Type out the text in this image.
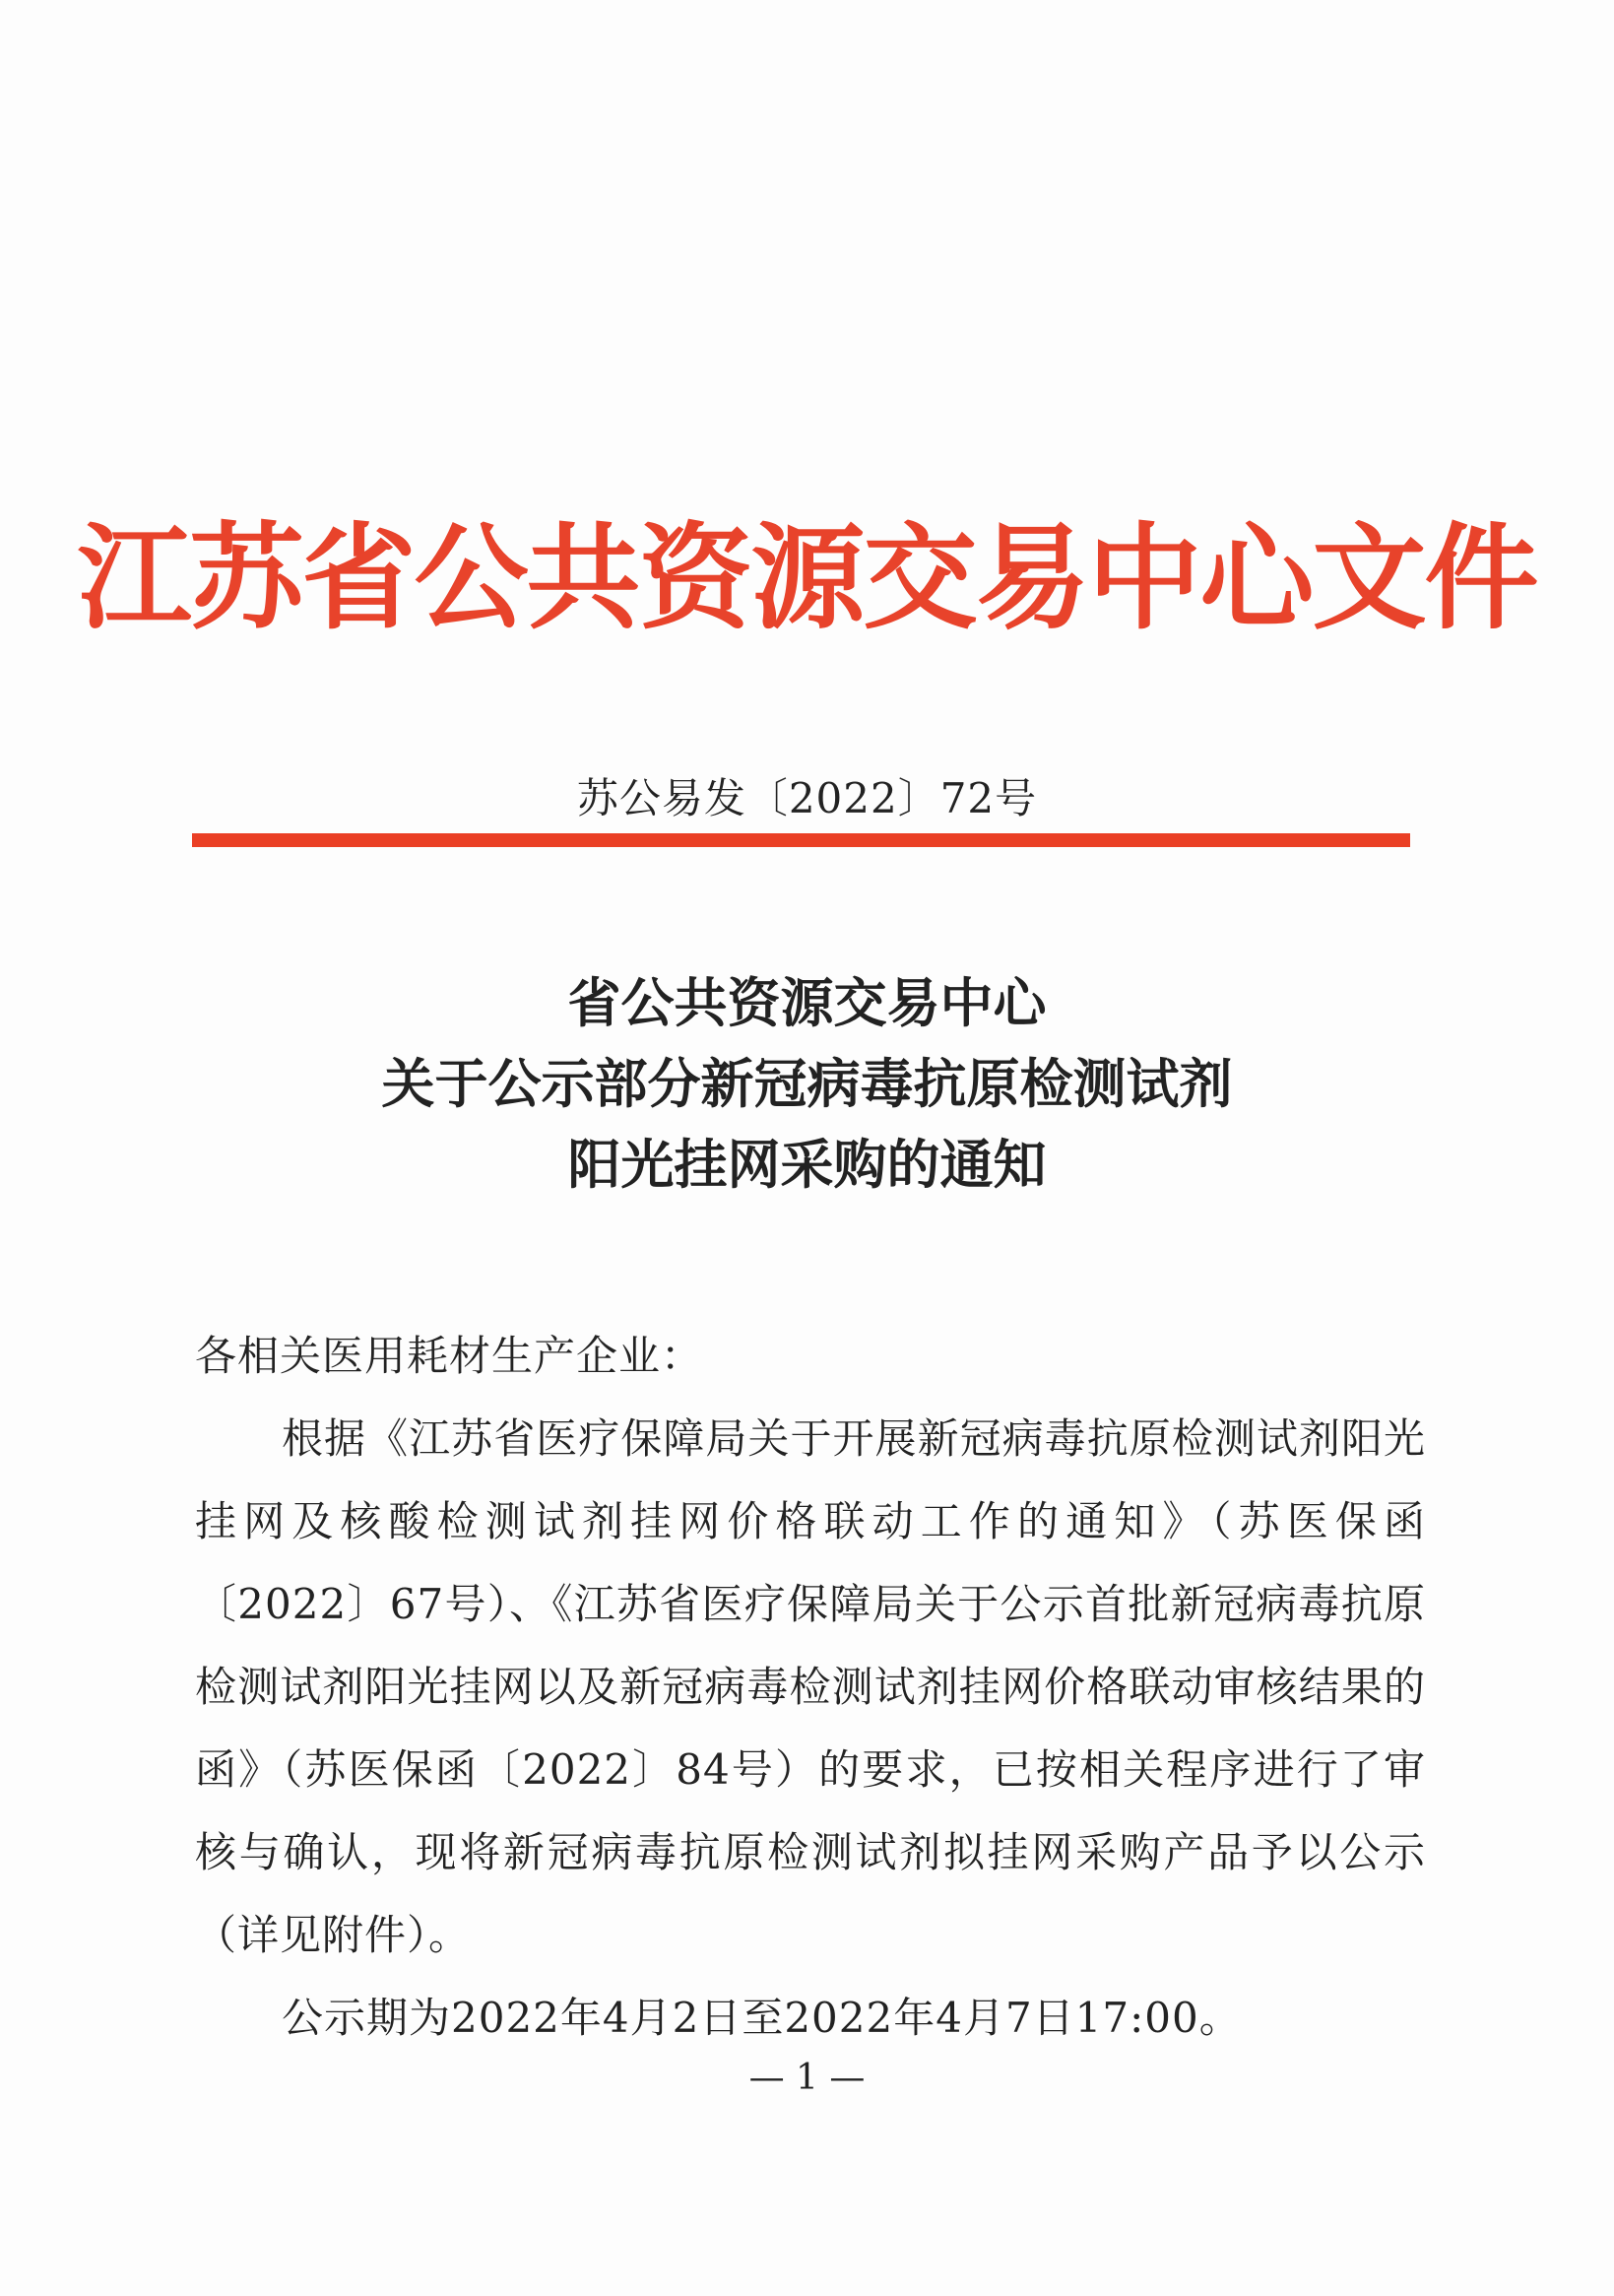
江苏省公共资源交易中心文件
苏公易发〔2022〕72号
省公共资源交易中心
关于公示部分新冠病毒抗原检测试剂
阳光挂网采购的通知

各相关医用耗材生产企业：

根据《江苏省医疗保障局关于开展新冠病毒抗原检测试剂阳光挂网及核酸检测试剂挂网价格联动工作的通知》（苏医保函〔2022〕67号）、《江苏省医疗保障局关于公示首批新冠病毒抗原检测试剂阳光挂网以及新冠病毒检测试剂挂网价格联动审核结果的函》（苏医保函〔2022〕84号）的要求，已按相关程序进行了审核与确认，现将新冠病毒抗原检测试剂拟挂网采购产品予以公示（详见附件）。

公示期为2022年4月2日至2022年4月7日17:00。

— 1 —
